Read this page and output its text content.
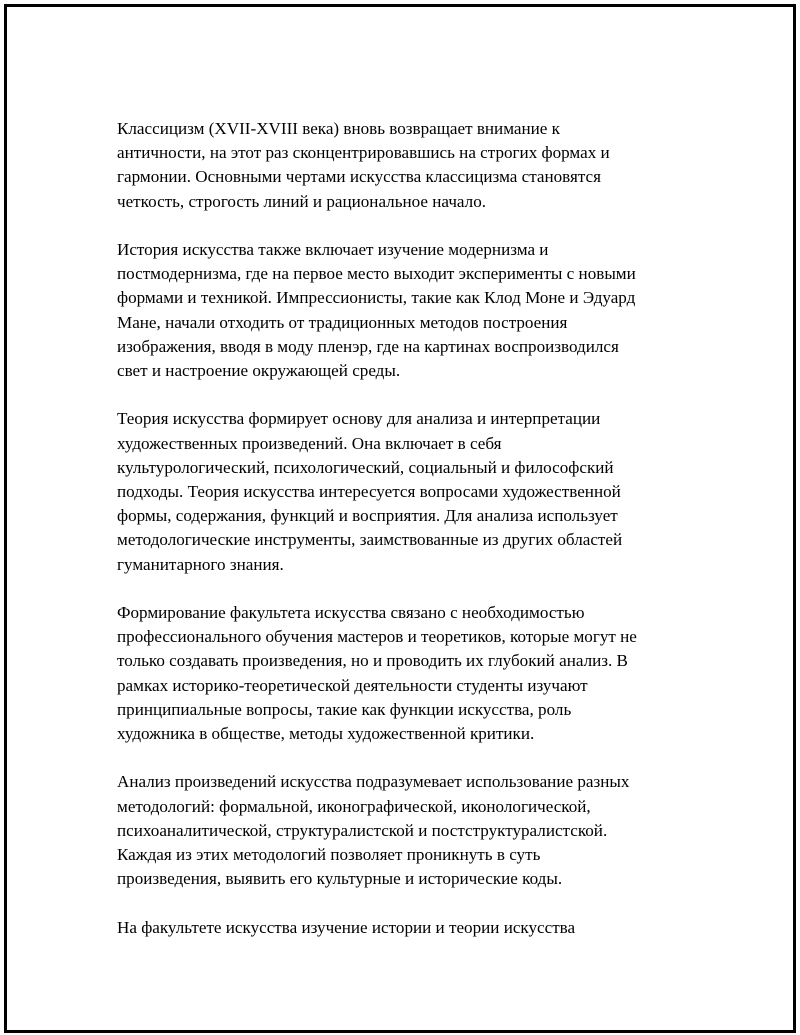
Классицизм (XVII-XVIII века) вновь возвращает внимание к
античности, на этот раз сконцентрировавшись на строгих формах и
гармонии. Основными чертами искусства классицизма становятся
четкость, строгость линий и рациональное начало.

История искусства также включает изучение модернизма и
постмодернизма, где на первое место выходит эксперименты с новыми
формами и техникой. Импрессионисты, такие как Клод Моне и Эдуард
Мане, начали отходить от традиционных методов построения
изображения, вводя в моду пленэр, где на картинах воспроизводился
свет и настроение окружающей среды.

Теория искусства формирует основу для анализа и интерпретации
художественных произведений. Она включает в себя
культурологический, психологический, социальный и философский
подходы. Теория искусства интересуется вопросами художественной
формы, содержания, функций и восприятия. Для анализа использует
методологические инструменты, заимствованные из других областей
гуманитарного знания.

Формирование факультета искусства связано с необходимостью
профессионального обучения мастеров и теоретиков, которые могут не
только создавать произведения, но и проводить их глубокий анализ. В
рамках историко-теоретической деятельности студенты изучают
принципиальные вопросы, такие как функции искусства, роль
художника в обществе, методы художественной критики.

Анализ произведений искусства подразумевает использование разных
методологий: формальной, иконографической, иконологической,
психоаналитической, структуралистской и постструктуралистской.
Каждая из этих методологий позволяет проникнуть в суть
произведения, выявить его культурные и исторические коды.

На факультете искусства изучение истории и теории искусства
